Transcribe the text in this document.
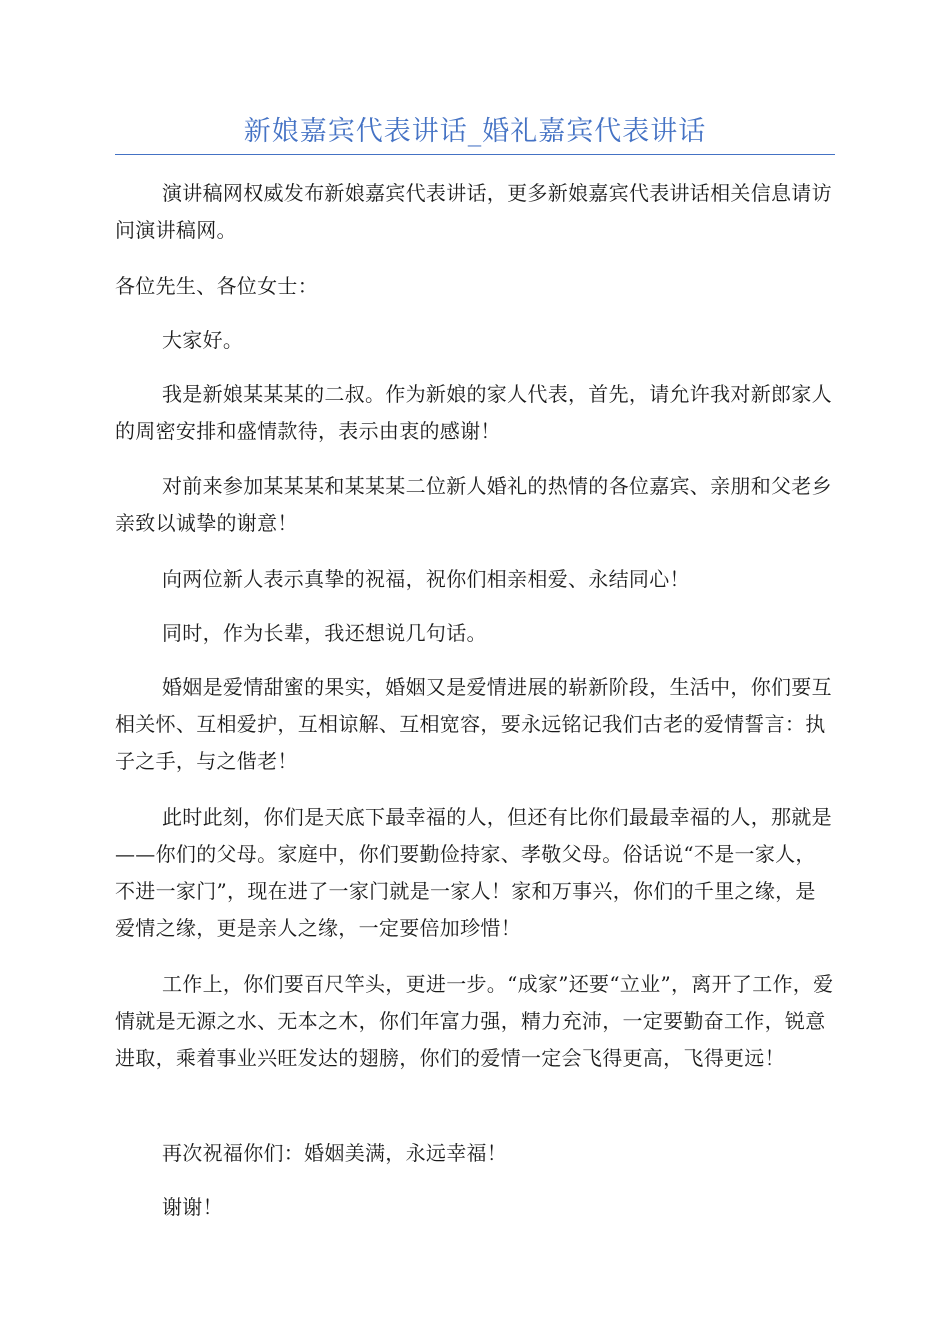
新娘嘉宾代表讲话_婚礼嘉宾代表讲话

演讲稿网权威发布新娘嘉宾代表讲话，更多新娘嘉宾代表讲话相关信息请访问演讲稿网。

各位先生、各位女士：

大家好。

我是新娘某某某的二叔。作为新娘的家人代表，首先，请允许我对新郎家人的周密安排和盛情款待，表示由衷的感谢！

对前来参加某某某和某某某二位新人婚礼的热情的各位嘉宾、亲朋和父老乡亲致以诚挚的谢意！

向两位新人表示真挚的祝福，祝你们相亲相爱、永结同心！

同时，作为长辈，我还想说几句话。

婚姻是爱情甜蜜的果实，婚姻又是爱情进展的崭新阶段，生活中，你们要互相关怀、互相爱护，互相谅解、互相宽容，要永远铭记我们古老的爱情誓言：执子之手，与之偕老！

此时此刻，你们是天底下最幸福的人，但还有比你们最最幸福的人，那就是——你们的父母。家庭中，你们要勤俭持家、孝敬父母。俗话说“不是一家人，不进一家门”，现在进了一家门就是一家人！家和万事兴，你们的千里之缘，是爱情之缘，更是亲人之缘，一定要倍加珍惜！

工作上，你们要百尺竿头，更进一步。“成家”还要“立业”，离开了工作，爱情就是无源之水、无本之木，你们年富力强，精力充沛，一定要勤奋工作，锐意进取，乘着事业兴旺发达的翅膀，你们的爱情一定会飞得更高，飞得更远！

再次祝福你们：婚姻美满，永远幸福！

谢谢！
